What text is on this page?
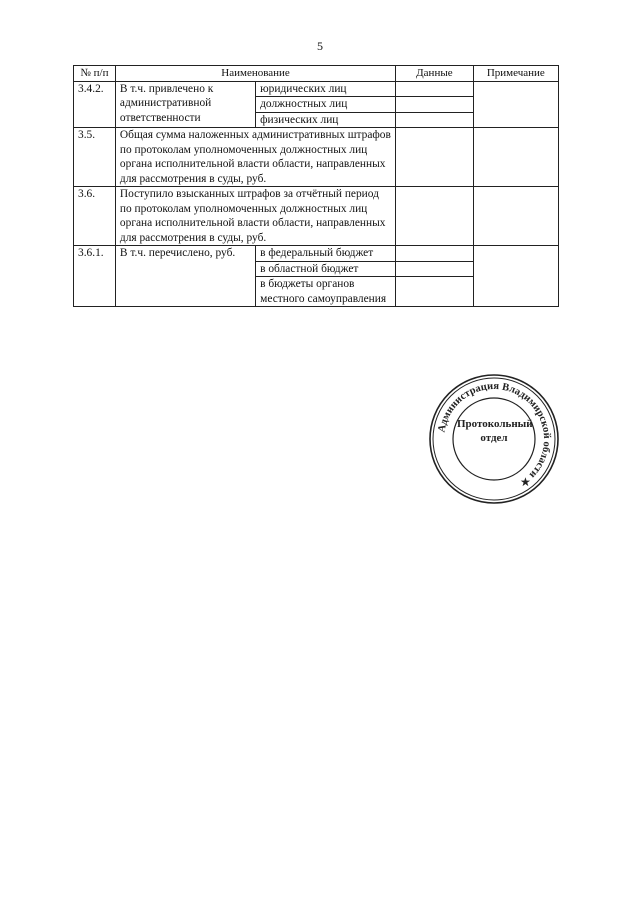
5
№ п/п	Наименование		Данные	Примечание
3.4.2.	В т.ч. привлечено к административной ответственности	юридических лиц		
		должностных лиц		
		физических лиц		
3.5.	Общая сумма наложенных административных штрафов по протоколам уполномоченных должностных лиц органа исполнительной власти области, направленных для рассмотрения в суды, руб.			
3.6.	Поступило взысканных штрафов за отчётный период по протоколам уполномоченных должностных лиц органа исполнительной власти области, направленных для рассмотрения в суды, руб.			
3.6.1.	В т.ч. перечислено, руб.	в федеральный бюджет		
		в областной бюджет		
		в бюджеты органов местного самоуправления		
Администрация Владимирской области ★
Протокольный отдел
